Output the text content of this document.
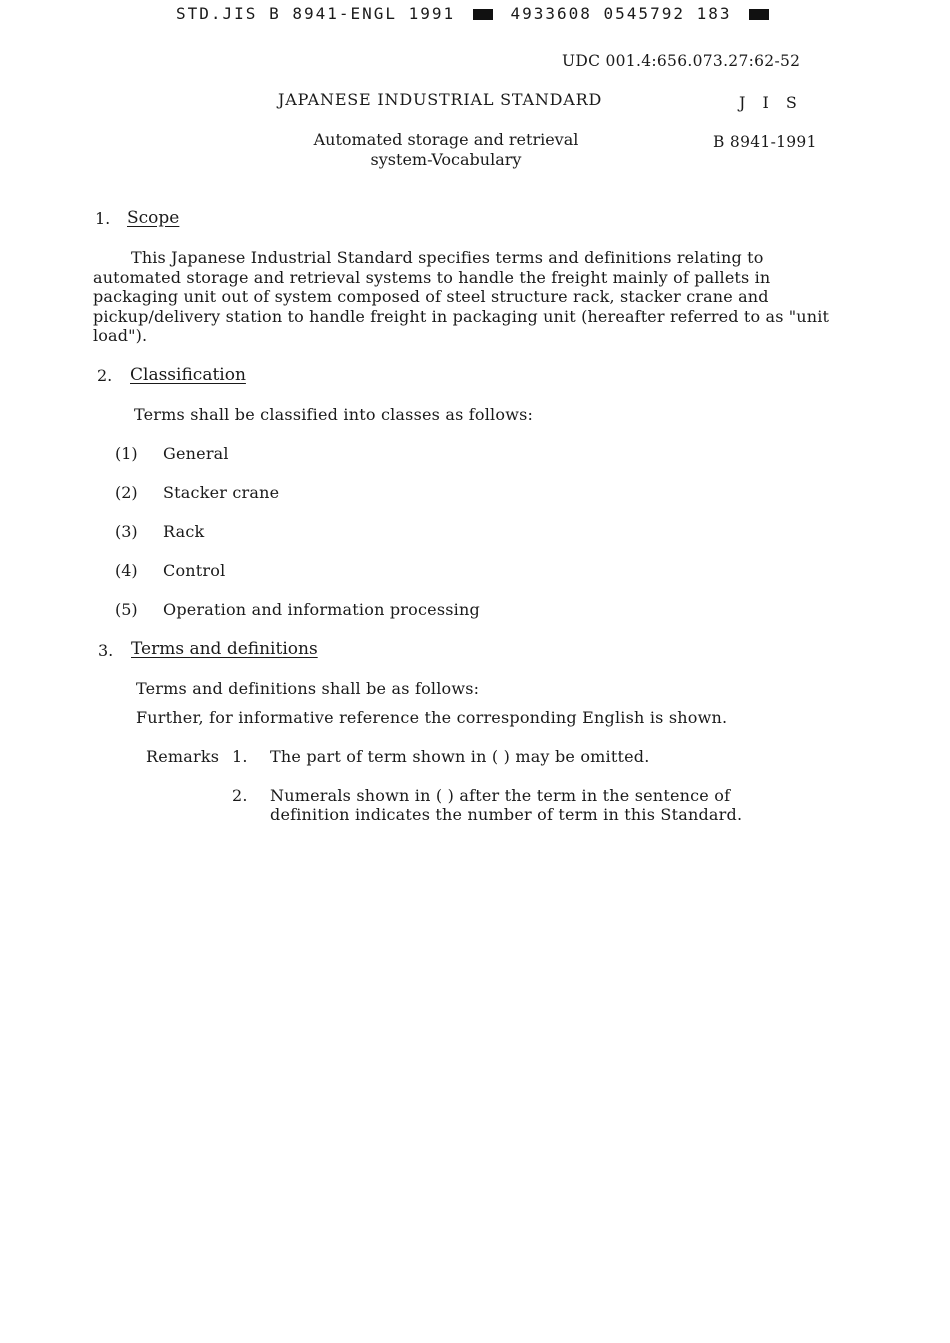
STD.JIS B 8941-ENGL 1991	4933608 0545792 183
UDC 001.4:656.073.27:62-52
JAPANESE INDUSTRIAL STANDARD	J I S
Automated storage and retrieval
system-Vocabulary
B 8941-1991
1. Scope
This Japanese Industrial Standard specifies terms and definitions relating to automated storage and retrieval systems to handle the freight mainly of pallets in packaging unit out of system composed of steel structure rack, stacker crane and pickup/delivery station to handle freight in packaging unit (hereafter referred to as "unit load").
2. Classification
Terms shall be classified into classes as follows:
(1) General
(2) Stacker crane
(3) Rack
(4) Control
(5) Operation and information processing
3. Terms and definitions
Terms and definitions shall be as follows:
Further, for informative reference the corresponding English is shown.
Remarks 1. The part of term shown in ( ) may be omitted.
2. Numerals shown in ( ) after the term in the sentence of
definition indicates the number of term in this Standard.
